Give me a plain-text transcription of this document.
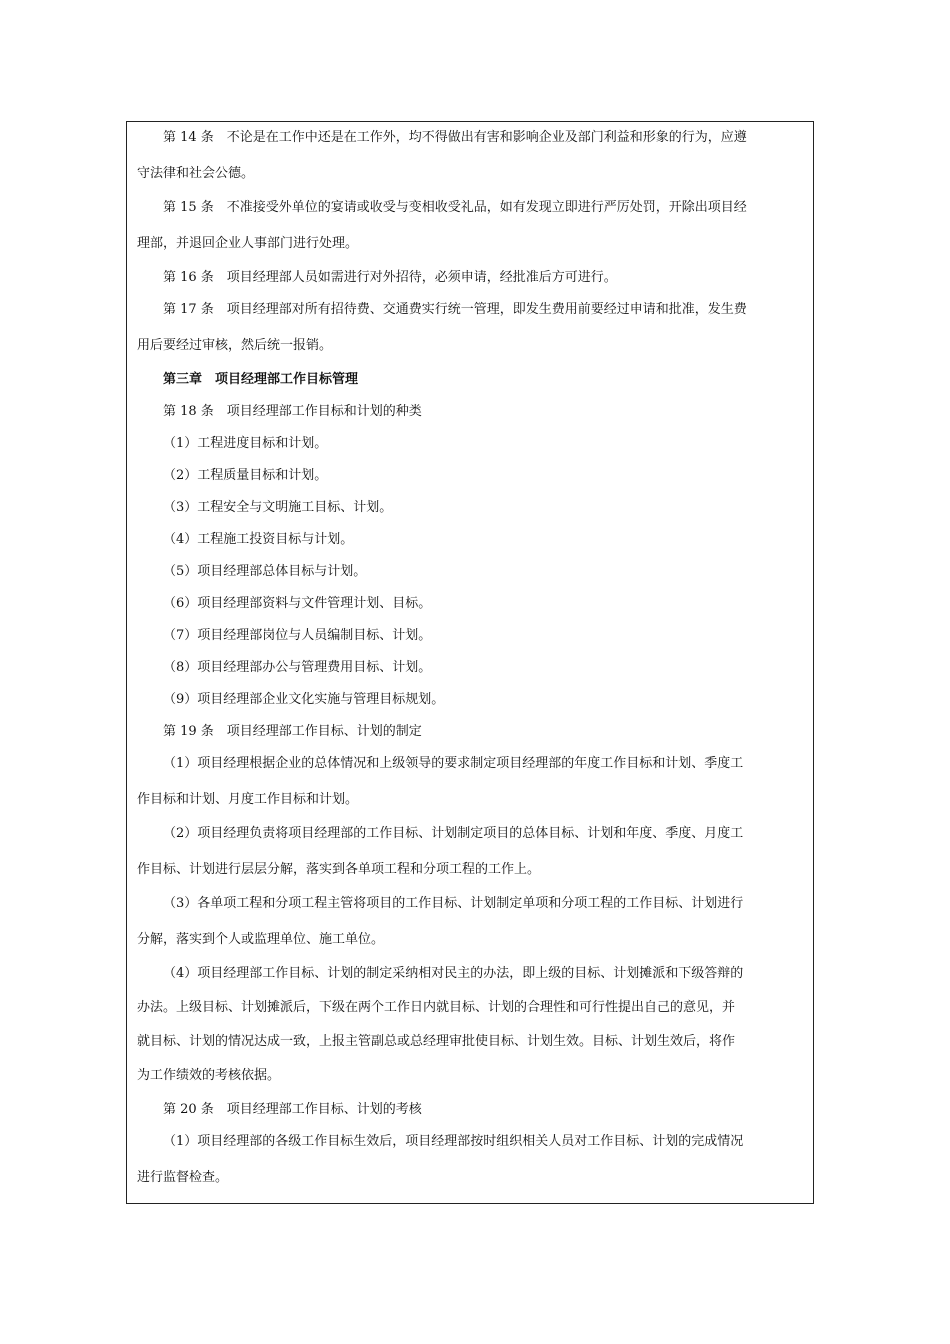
第 14 条　不论是在工作中还是在工作外，均不得做出有害和影响企业及部门利益和形象的行为，应遵

守法律和社会公德。

第 15 条　不准接受外单位的宴请或收受与变相收受礼品，如有发现立即进行严厉处罚，开除出项目经

理部，并退回企业人事部门进行处理。

第 16 条　项目经理部人员如需进行对外招待，必须申请，经批准后方可进行。

第 17 条　项目经理部对所有招待费、交通费实行统一管理，即发生费用前要经过申请和批准，发生费

用后要经过审核，然后统一报销。

第三章　项目经理部工作目标管理

第 18 条　项目经理部工作目标和计划的种类

（1）工程进度目标和计划。

（2）工程质量目标和计划。

（3）工程安全与文明施工目标、计划。

（4）工程施工投资目标与计划。

（5）项目经理部总体目标与计划。

（6）项目经理部资料与文件管理计划、目标。

（7）项目经理部岗位与人员编制目标、计划。

（8）项目经理部办公与管理费用目标、计划。

（9）项目经理部企业文化实施与管理目标规划。

第 19 条　项目经理部工作目标、计划的制定

（1）项目经理根据企业的总体情况和上级领导的要求制定项目经理部的年度工作目标和计划、季度工

作目标和计划、月度工作目标和计划。

（2）项目经理负责将项目经理部的工作目标、计划制定项目的总体目标、计划和年度、季度、月度工

作目标、计划进行层层分解，落实到各单项工程和分项工程的工作上。

（3）各单项工程和分项工程主管将项目的工作目标、计划制定单项和分项工程的工作目标、计划进行

分解，落实到个人或监理单位、施工单位。

（4）项目经理部工作目标、计划的制定采纳相对民主的办法，即上级的目标、计划摊派和下级答辩的

办法。上级目标、计划摊派后，下级在两个工作日内就目标、计划的合理性和可行性提出自己的意见，并

就目标、计划的情况达成一致，上报主管副总或总经理审批使目标、计划生效。目标、计划生效后，将作

为工作绩效的考核依据。

第 20 条　项目经理部工作目标、计划的考核

（1）项目经理部的各级工作目标生效后，项目经理部按时组织相关人员对工作目标、计划的完成情况

进行监督检查。
